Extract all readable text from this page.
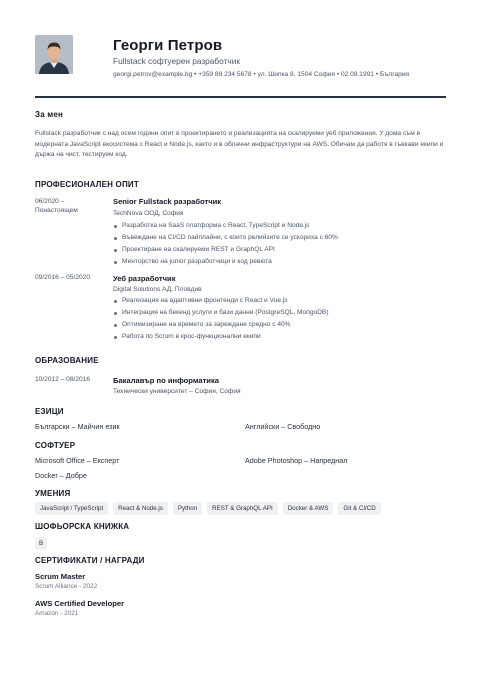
Георги Петров
Fullstack софтуерен разработчик
georgi.petrov@example.bg • +359 88 234 5678 • ул. Шипка 8, 1504 София • 02.09.1991 • България
За мен
Fullstack разработчик с над осем години опит в проектирането и реализацията на скалируеми уеб приложения. У дома съм в модерната JavaScript екосистема с React и Node.js, както и в облачни инфраструктури на AWS. Обичам да работя в гъвкави екипи и държа на чист, тестируем код.
ПРОФЕСИОНАЛЕН ОПИТ
06/2020 –
Понастоящем
Senior Fullstack разработчик
TechNova ООД, София
Разработка на SaaS платформа с React, TypeScript и Node.js
Въвеждане на CI/CD пайплайни, с които релийзите се ускориха с 60%
Проектиране на скалируеми REST и GraphQL API
Менторство на junior разработчици и код ревюта
09/2016 – 05/2020	Уеб разработчик
Digital Solutions АД, Пловдив
Реализация на адаптивни фронтенди с React и Vue.js
Интеграция на бекенд услуги и бази данни (PostgreSQL, MongoDB)
Оптимизиране на времето за зареждане средно с 40%
Работа по Scrum в крос-функционални екипи
ОБРАЗОВАНИЕ
10/2012 – 08/2016	Бакалавър по информатика
Технически университет – София, София
ЕЗИЦИ
Български – Майчин език	Английски – Свободно
СОФТУЕР
Microsoft Office – Експерт	Adobe Photoshop – Напреднал
Docker – Добре
УМЕНИЯ
JavaScript / TypeScript	React & Node.js	Python	REST & GraphQL API	Docker & AWS	Git & CI/CD
ШОФЬОРСКА КНИЖКА
B
СЕРТИФИКАТИ / НАГРАДИ
Scrum Master
Scrum Alliance - 2022
AWS Certified Developer
Amazon - 2021
